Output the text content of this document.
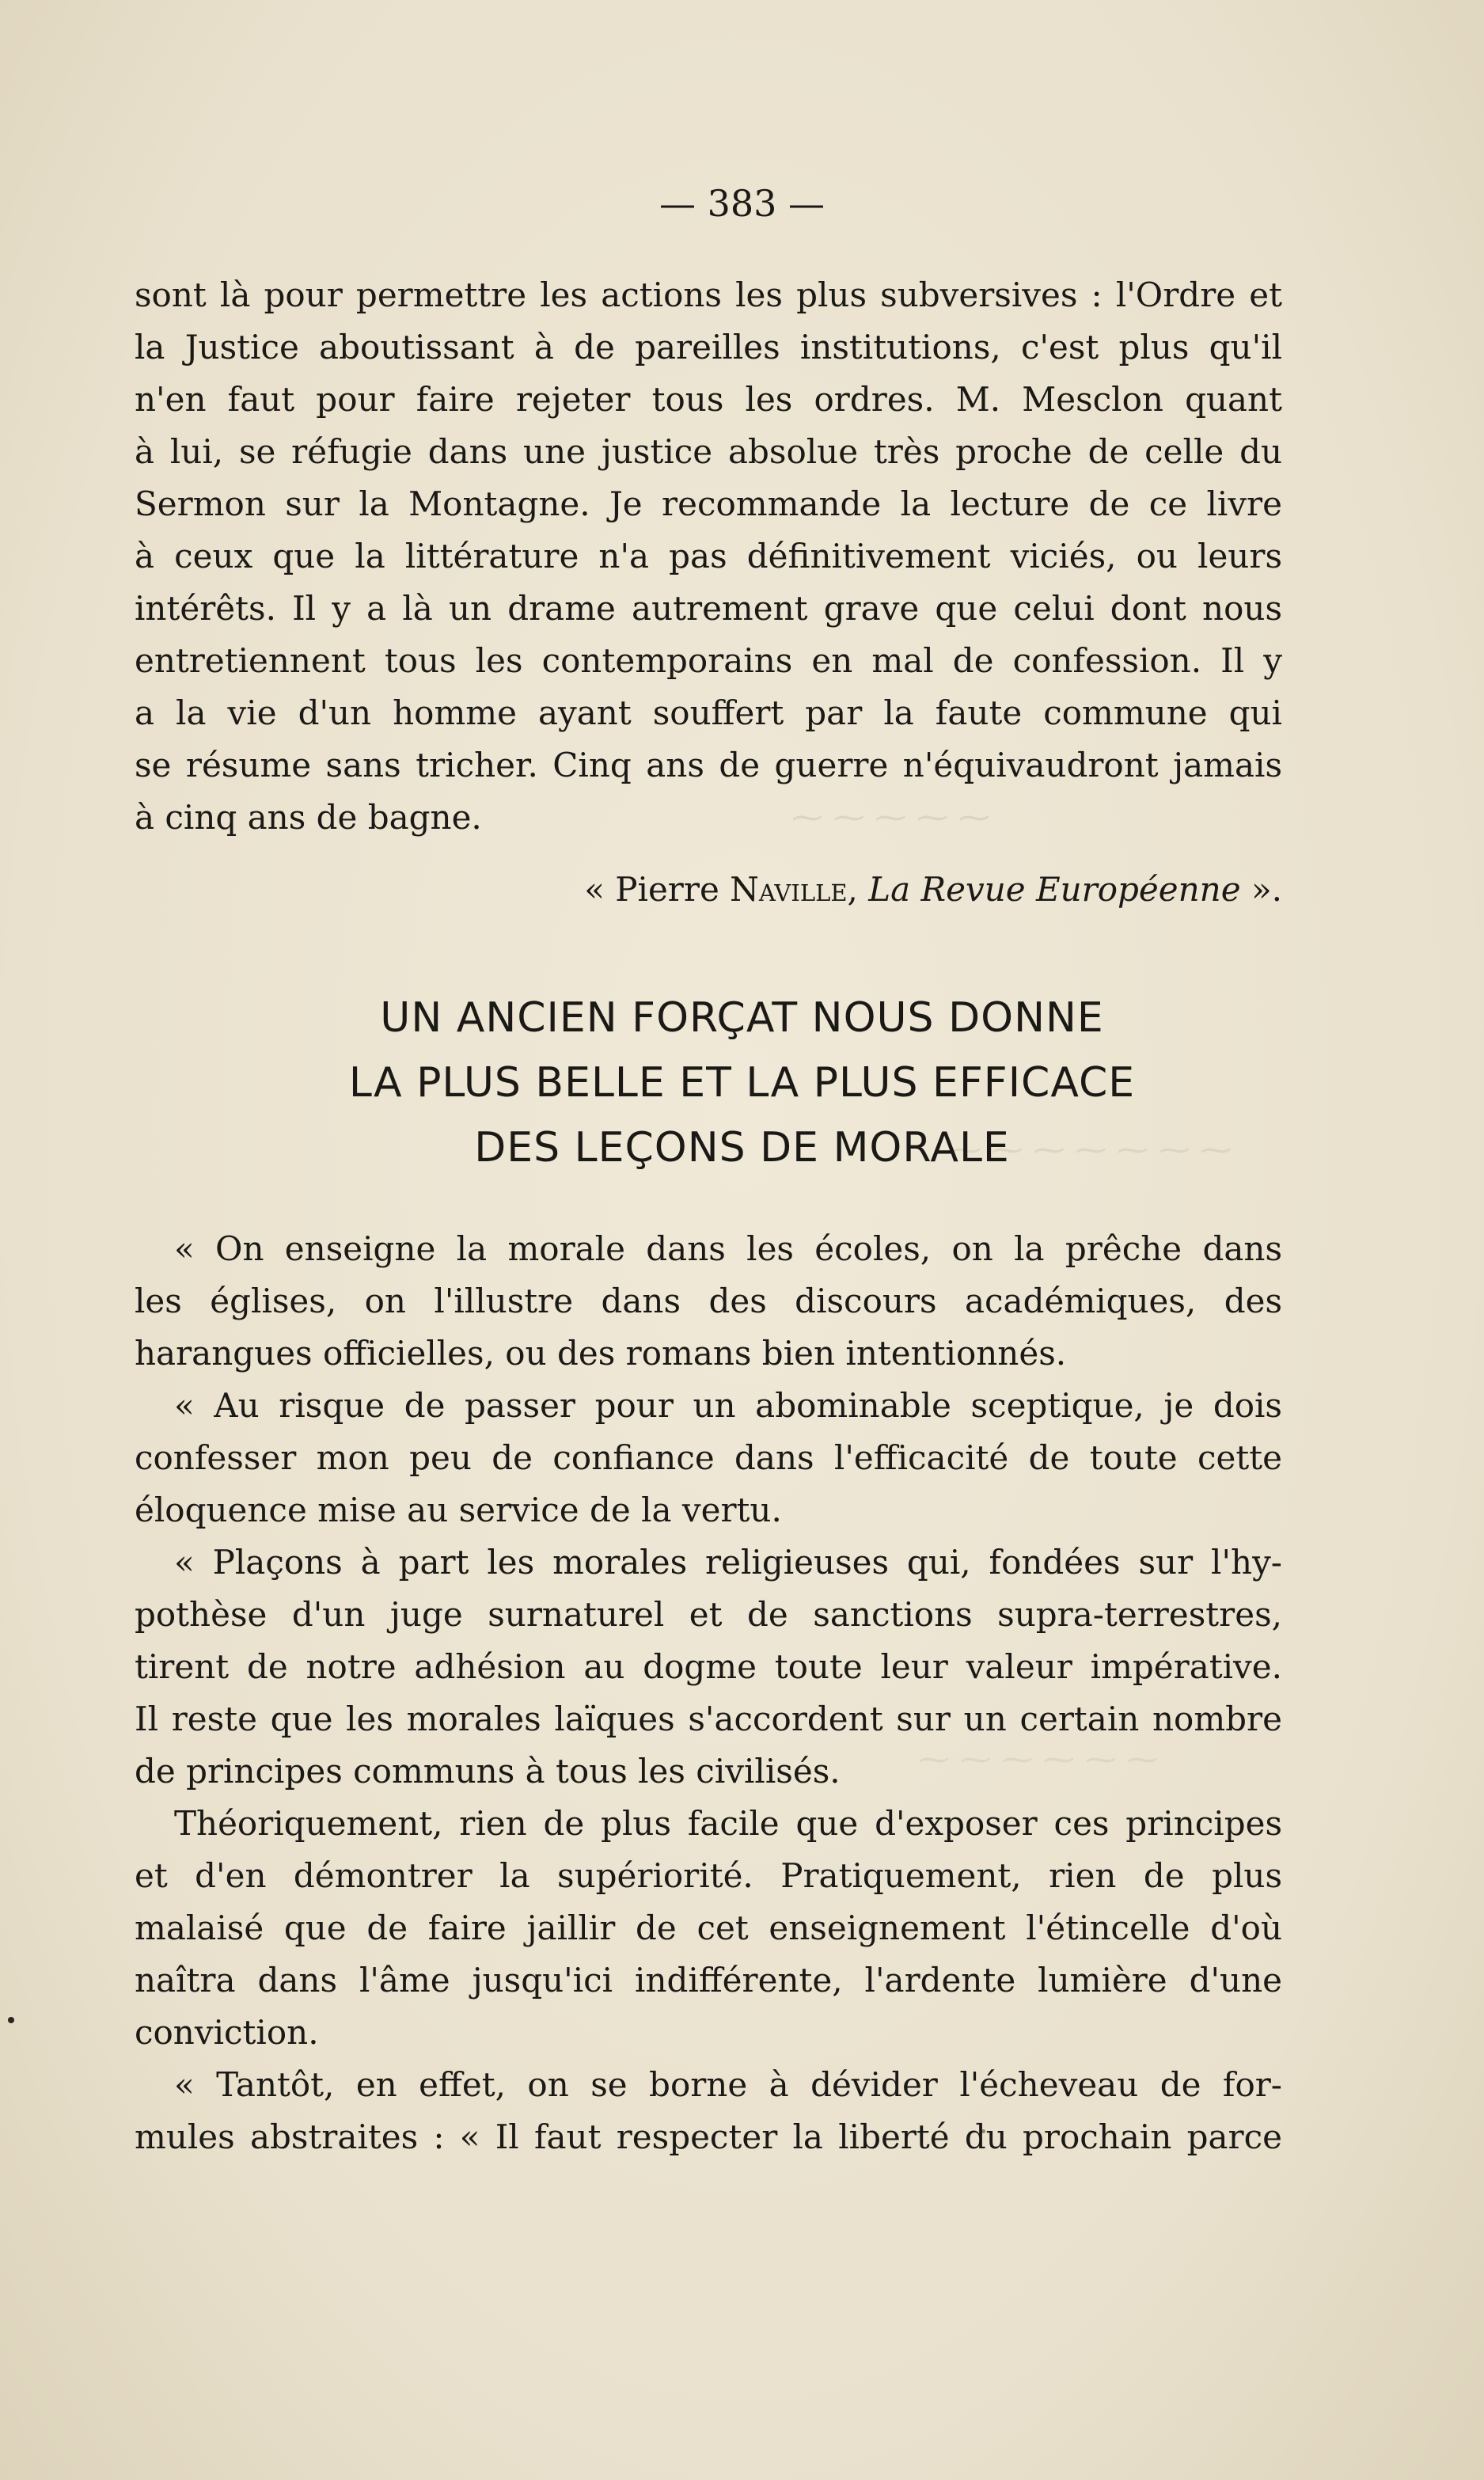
⁓ ⁓ ⁓ ⁓ ⁓
⁓ ⁓ ⁓ ⁓ ⁓ ⁓ ⁓
⁓ ⁓ ⁓ ⁓ ⁓ ⁓
— 383 —
sont là pour permettre les actions les plus subversives : l'Ordre et
la Justice aboutissant à de pareilles institutions, c'est plus qu'il
n'en faut pour faire rejeter tous les ordres. M. Mesclon quant
à lui, se réfugie dans une justice absolue très proche de celle du
Sermon sur la Montagne. Je recommande la lecture de ce livre
à ceux que la littérature n'a pas définitivement viciés, ou leurs
intérêts. Il y a là un drame autrement grave que celui dont nous
entretiennent tous les contemporains en mal de confession. Il y
a la vie d'un homme ayant souffert par la faute commune qui
se résume sans tricher. Cinq ans de guerre n'équivaudront jamais
à cinq ans de bagne.
« Pierre Naville, La Revue Européenne ».
UN ANCIEN FORÇAT NOUS DONNE
LA PLUS BELLE ET LA PLUS EFFICACE
DES LEÇONS DE MORALE
« On enseigne la morale dans les écoles, on la prêche dans
les églises, on l'illustre dans des discours académiques, des
harangues officielles, ou des romans bien intentionnés.
« Au risque de passer pour un abominable sceptique, je dois
confesser mon peu de confiance dans l'efficacité de toute cette
éloquence mise au service de la vertu.
« Plaçons à part les morales religieuses qui, fondées sur l'hy-
pothèse d'un juge surnaturel et de sanctions supra-terrestres,
tirent de notre adhésion au dogme toute leur valeur impérative.
Il reste que les morales laïques s'accordent sur un certain nombre
de principes communs à tous les civilisés.
Théoriquement, rien de plus facile que d'exposer ces principes
et d'en démontrer la supériorité. Pratiquement, rien de plus
malaisé que de faire jaillir de cet enseignement l'étincelle d'où
naîtra dans l'âme jusqu'ici indifférente, l'ardente lumière d'une
conviction.
« Tantôt, en effet, on se borne à dévider l'écheveau de for-
mules abstraites : « Il faut respecter la liberté du prochain parce
